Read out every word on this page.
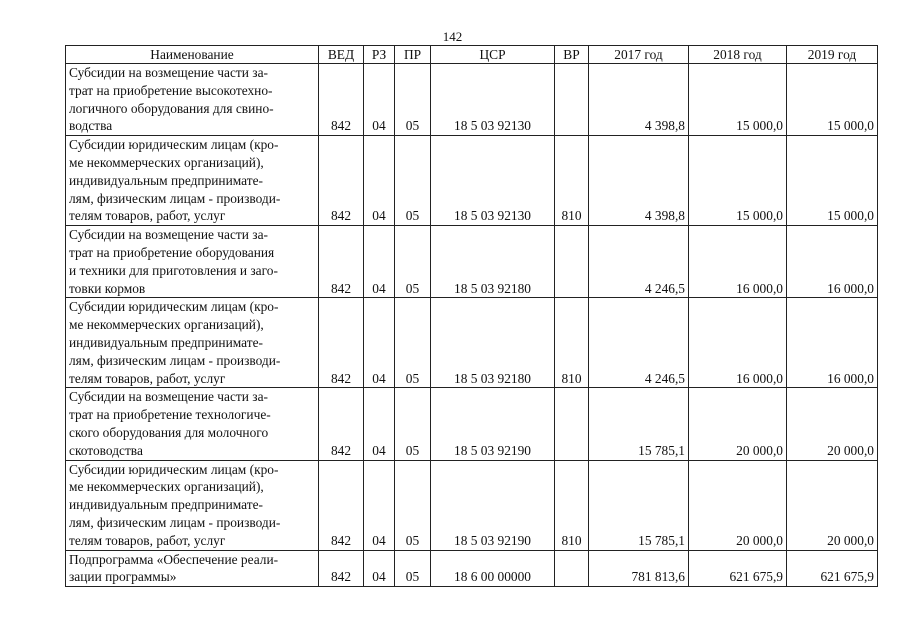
142
Наименование	ВЕД	РЗ	ПР	ЦСР	ВР	2017 год	2018 год	2019 год

Субсидии на возмещение части за-
трат на приобретение высокотехно-
логичного оборудования для свино-
водства	842	04	05	18 5 03 92130		4 398,8	15 000,0	15 000,0

Субсидии юридическим лицам (кро-
ме некоммерческих организаций),
индивидуальным предпринимате-
лям, физическим лицам - производи-
телям товаров, работ, услуг	842	04	05	18 5 03 92130	810	4 398,8	15 000,0	15 000,0

Субсидии на возмещение части за-
трат на приобретение оборудования
и техники для приготовления и заго-
товки кормов	842	04	05	18 5 03 92180		4 246,5	16 000,0	16 000,0

Субсидии юридическим лицам (кро-
ме некоммерческих организаций),
индивидуальным предпринимате-
лям, физическим лицам - производи-
телям товаров, работ, услуг	842	04	05	18 5 03 92180	810	4 246,5	16 000,0	16 000,0

Субсидии на возмещение части за-
трат на приобретение технологиче-
ского оборудования для молочного
скотоводства	842	04	05	18 5 03 92190		15 785,1	20 000,0	20 000,0

Субсидии юридическим лицам (кро-
ме некоммерческих организаций),
индивидуальным предпринимате-
лям, физическим лицам - производи-
телям товаров, работ, услуг	842	04	05	18 5 03 92190	810	15 785,1	20 000,0	20 000,0

Подпрограмма «Обеспечение реали-
зации программы»	842	04	05	18 6 00 00000		781 813,6	621 675,9	621 675,9
